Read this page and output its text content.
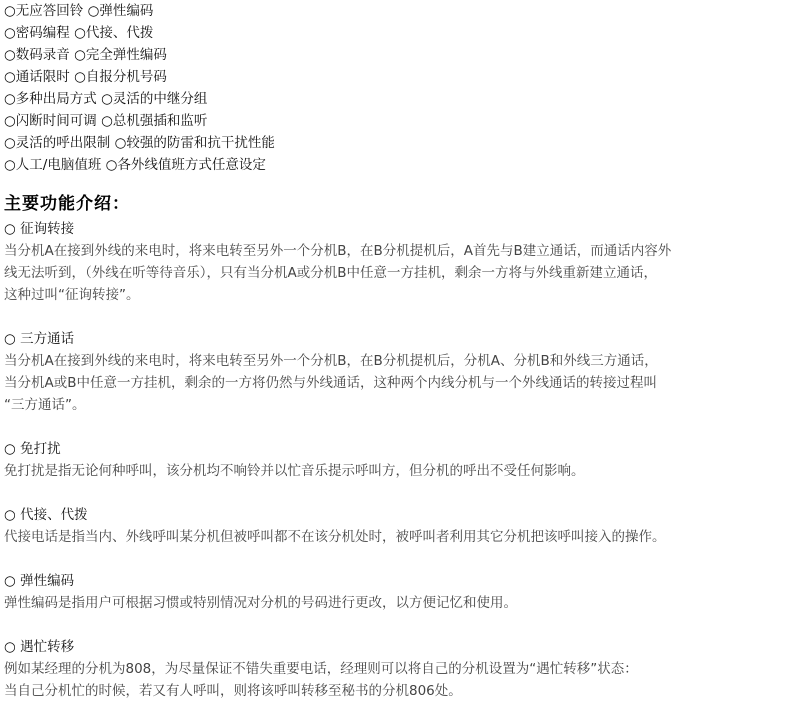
○无应答回铃 ○弹性编码
○密码编程 ○代接、代拨
○数码录音 ○完全弹性编码
○通话限时 ○自报分机号码
○多种出局方式 ○灵活的中继分组
○闪断时间可调 ○总机强插和监听
○灵活的呼出限制 ○较强的防雷和抗干扰性能
○人工/电脑值班 ○各外线值班方式任意设定
主要功能介绍：
○ 征询转接
当分机A在接到外线的来电时，将来电转至另外一个分机B，在B分机提机后，A首先与B建立通话，而通话内容外
线无法听到，（外线在听等待音乐），只有当分机A或分机B中任意一方挂机，剩余一方将与外线重新建立通话，
这种过叫“征询转接”。
○ 三方通话
当分机A在接到外线的来电时，将来电转至另外一个分机B，在B分机提机后，分机A、分机B和外线三方通话，
当分机A或B中任意一方挂机，剩余的一方将仍然与外线通话，这种两个内线分机与一个外线通话的转接过程叫
“三方通话”。
○ 免打扰
免打扰是指无论何种呼叫，该分机均不响铃并以忙音乐提示呼叫方，但分机的呼出不受任何影响。
○ 代接、代拨
代接电话是指当内、外线呼叫某分机但被呼叫都不在该分机处时，被呼叫者利用其它分机把该呼叫接入的操作。
○ 弹性编码
弹性编码是指用户可根据习惯或特别情况对分机的号码进行更改，以方便记忆和使用。
○ 遇忙转移
例如某经理的分机为808，为尽量保证不错失重要电话，经理则可以将自己的分机设置为“遇忙转移”状态：
当自己分机忙的时候，若又有人呼叫，则将该呼叫转移至秘书的分机806处。
